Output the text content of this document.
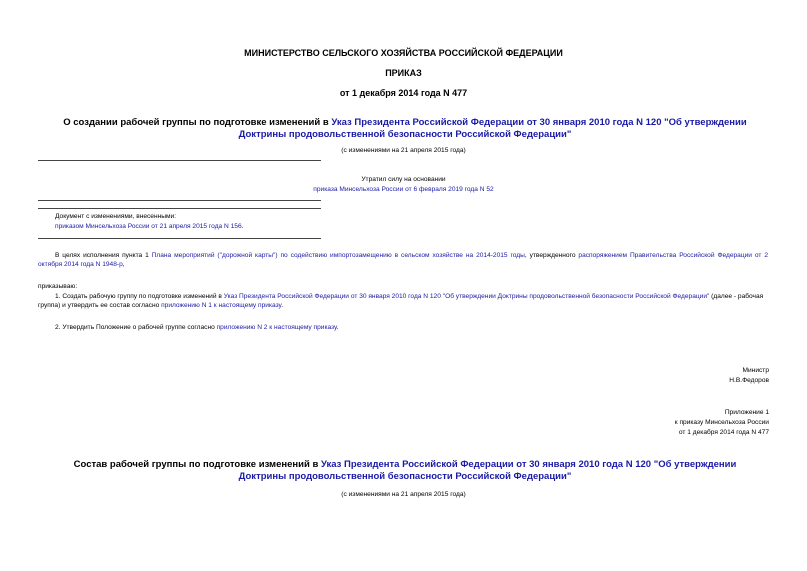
МИНИСТЕРСТВО СЕЛЬСКОГО ХОЗЯЙСТВА РОССИЙСКОЙ ФЕДЕРАЦИИ
ПРИКАЗ
от 1 декабря 2014 года N 477
О создании рабочей группы по подготовке изменений в Указ Президента Российской Федерации от 30 января 2010 года N 120 "Об утверждении Доктрины продовольственной безопасности Российской Федерации"
(с изменениями на 21 апреля 2015 года)
Утратил силу на основании
приказа Минсельхоза России от 6 февраля 2019 года N 52
Документ с изменениями, внесенными:
приказом Минсельхоза России от 21 апреля 2015 года N 156.
В целях исполнения пункта 1 Плана мероприятий ("дорожной карты") по содействию импортозамещению в сельском хозяйстве на 2014-2015 годы, утвержденного распоряжением Правительства Российской Федерации от 2 октября 2014 года N 1948-р,
приказываю:
1. Создать рабочую группу по подготовке изменений в Указ Президента Российской Федерации от 30 января 2010 года N 120 "Об утверждении Доктрины продовольственной безопасности Российской Федерации" (далее - рабочая группа) и утвердить ее состав согласно приложению N 1 к настоящему приказу.
2. Утвердить Положение о рабочей группе согласно приложению N 2 к настоящему приказу.
Министр
Н.В.Федоров
Приложение 1
к приказу Минсельхоза России
от 1 декабря 2014 года N 477
Состав рабочей группы по подготовке изменений в Указ Президента Российской Федерации от 30 января 2010 года N 120 "Об утверждении Доктрины продовольственной безопасности Российской Федерации"
(с изменениями на 21 апреля 2015 года)
